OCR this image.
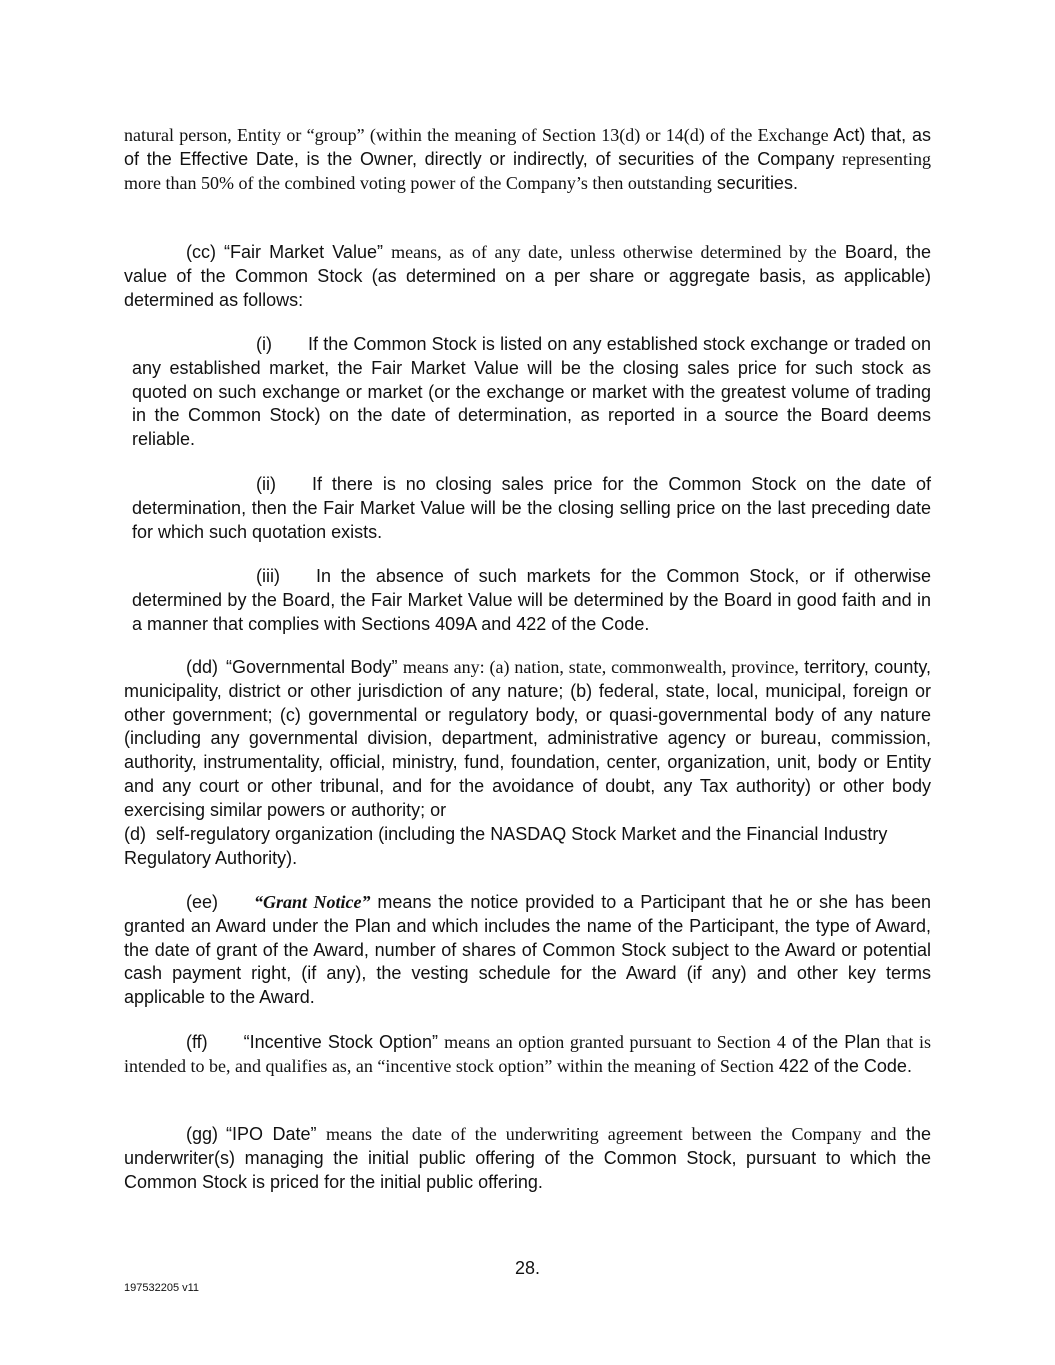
natural person, Entity or “group” (within the meaning of Section 13(d) or 14(d) of the Exchange Act) that, as of the Effective Date, is the Owner, directly or indirectly, of securities of the Company representing more than 50% of the combined voting power of the Company’s then outstanding securities.
(cc) “Fair Market Value” means, as of any date, unless otherwise determined by the Board, the value of the Common Stock (as determined on a per share or aggregate basis, as applicable) determined as follows:
(i) If the Common Stock is listed on any established stock exchange or traded on any established market, the Fair Market Value will be the closing sales price for such stock as quoted on such exchange or market (or the exchange or market with the greatest volume of trading in the Common Stock) on the date of determination, as reported in a source the Board deems reliable.
(ii) If there is no closing sales price for the Common Stock on the date of determination, then the Fair Market Value will be the closing selling price on the last preceding date for which such quotation exists.
(iii) In the absence of such markets for the Common Stock, or if otherwise determined by the Board, the Fair Market Value will be determined by the Board in good faith and in a manner that complies with Sections 409A and 422 of the Code.
(dd) “Governmental Body” means any: (a) nation, state, commonwealth, province, territory, county, municipality, district or other jurisdiction of any nature; (b) federal, state, local, municipal, foreign or other government; (c) governmental or regulatory body, or quasi-governmental body of any nature (including any governmental division, department, administrative agency or bureau, commission, authority, instrumentality, official, ministry, fund, foundation, center, organization, unit, body or Entity and any court or other tribunal, and for the avoidance of doubt, any Tax authority) or other body exercising similar powers or authority; or
(d)  self-regulatory organization (including the NASDAQ Stock Market and the Financial Industry Regulatory Authority).
(ee) “Grant Notice” means the notice provided to a Participant that he or she has been granted an Award under the Plan and which includes the name of the Participant, the type of Award, the date of grant of the Award, number of shares of Common Stock subject to the Award or potential cash payment right, (if any), the vesting schedule for the Award (if any) and other key terms applicable to the Award.
(ff) “Incentive Stock Option” means an option granted pursuant to Section 4 of the Plan that is intended to be, and qualifies as, an “incentive stock option” within the meaning of Section 422 of the Code.
(gg) “IPO Date” means the date of the underwriting agreement between the Company and the underwriter(s) managing the initial public offering of the Common Stock, pursuant to which the Common Stock is priced for the initial public offering.
28.
197532205 v11
